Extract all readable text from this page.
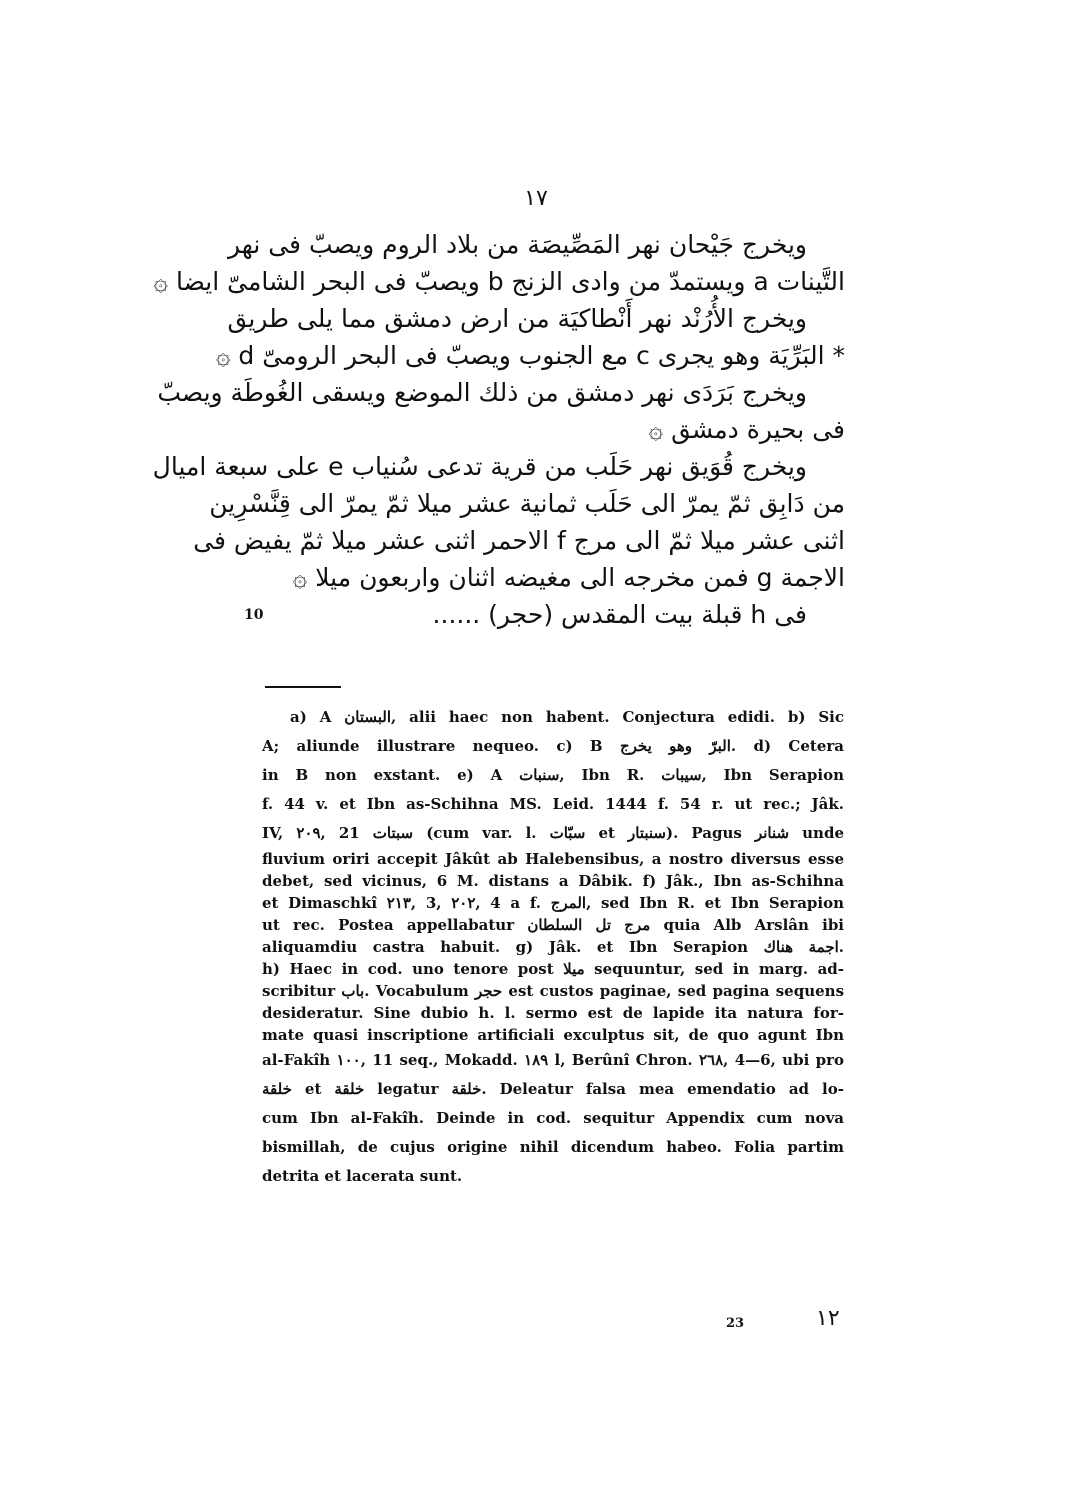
١٧
ويخرج جَيْحان نهر المَصِّيصَة من بلاد الروم ويصبّ فى نهر
التَّينات a ويستمدّ من وادى الزنج b ويصبّ فى البحر الشامىّ ايضا ۞
ويخرج الأُرُنْد نهر أَنْطاكيَة من ارض دمشق مما يلى طريق
* البَرِّيَة وهو يجرى c مع الجنوب ويصبّ فى البحر الرومىّ d ۞
ويخرج بَرَدَى نهر دمشق من ذلك الموضع ويسقى الغُوطَة ويصبّ
فى بحيرة دمشق ۞
ويخرج قُوَيق نهر حَلَب من قرية تدعى سُنياب e على سبعة اميال
من دَابِق ثمّ يمرّ الى حَلَب ثمانية عشر ميلا ثمّ يمرّ الى قِنَّسْرِين
اثنى عشر ميلا ثمّ الى مرج f الاحمر اثنى عشر ميلا ثمّ يفيض فى
الاجمة g فمن مخرجه الى مغيضه اثنان واربعون ميلا ۞
فى h قبلة بيت المقدس (حجر) ......
10
a) A البستان, alii haec non habent. Conjectura edidi. b) Sic
A; aliunde illustrare nequeo. c) B البرّ وهو يخرج. d) Cetera
in B non exstant. e) A سنبات, Ibn R. سيبات, Ibn Serapion
f. 44 v. et Ibn as-Schihna MS. Leid. 1444 f. 54 r. ut rec.; Jâk.
IV, ٢٠٩, 21 سبتات (cum var. l. سبّات et سنبتار). Pagus شنانر unde
fluvium oriri accepit Jâkût ab Halebensibus, a nostro diversus esse
debet, sed vicinus, 6 M. distans a Dâbik. f) Jâk., Ibn as-Schihna
et Dimaschkî ٢١٣, 3, ٢٠٢, 4 a f. المرج, sed Ibn R. et Ibn Serapion
ut rec. Postea appellabatur مرج تل السلطان quia Alb Arslân ibi
aliquamdiu castra habuit. g) Jâk. et Ibn Serapion اجمة هناك.
h) Haec in cod. uno tenore post ميلا sequuntur, sed in marg. ad-
scribitur باب. Vocabulum حجر est custos paginae, sed pagina sequens
desideratur. Sine dubio h. l. sermo est de lapide ita natura for-
mate quasi inscriptione artificiali exculptus sit, de quo agunt Ibn
al-Fakîh ١٠٠, 11 seq., Mokadd. ١٨٩ l, Berûnî Chron. ٢٦٨, 4—6, ubi pro
خلقة et خلقة legatur خلقة. Deleatur falsa mea emendatio ad lo-
cum Ibn al-Fakîh. Deinde in cod. sequitur Appendix cum nova
bismillah, de cujus origine nihil dicendum habeo. Folia partim
detrita et lacerata sunt.
23	١٢
